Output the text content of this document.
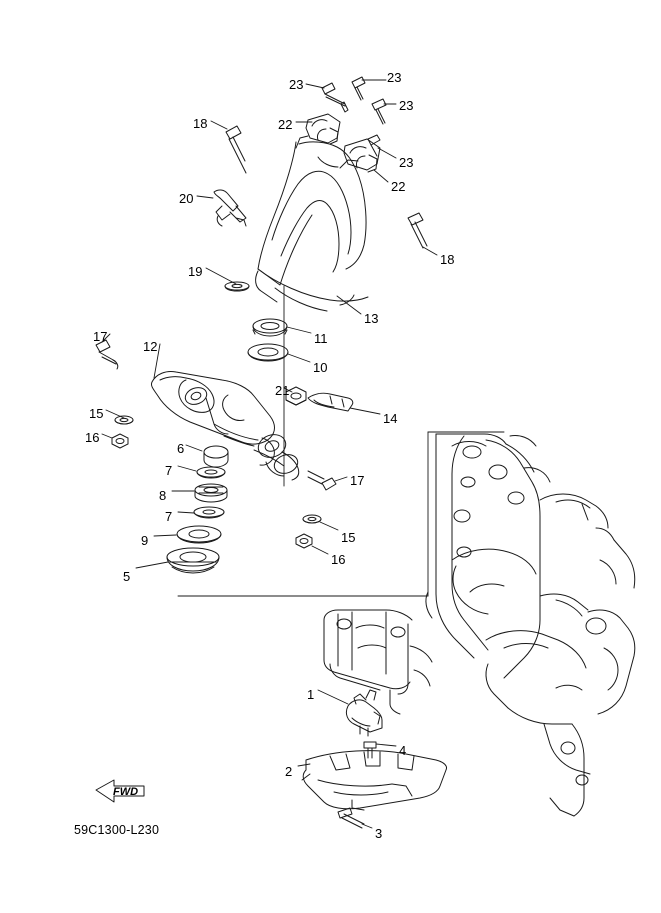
23	23
23
23
22
22
18
18
20
19
13
11
10
17
12
21
14
15
16
6
7
17
8
7
15
9
16
5
1
4
2
3
FWD
59C1300-L230
